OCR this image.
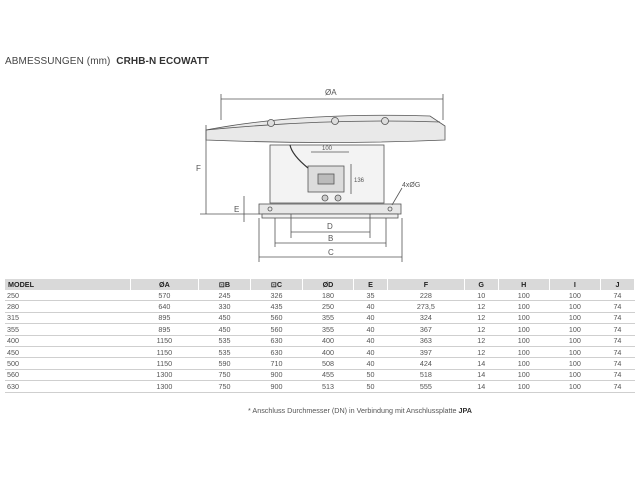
ABMESSUNGEN (mm) CRHB-N ECOWATT
ØA
F
E
D
B
C
100
136
4xØG
MODEL	ØA	⊡B	⊡C	ØD	E	F	G	H	I	J
250	570	245	326	180	35	228	10	100	100	74
280	640	330	435	250	40	273,5	12	100	100	74
315	895	450	560	355	40	324	12	100	100	74
355	895	450	560	355	40	367	12	100	100	74
400	1150	535	630	400	40	363	12	100	100	74
450	1150	535	630	400	40	397	12	100	100	74
500	1150	590	710	508	40	424	14	100	100	74
560	1300	750	900	455	50	518	14	100	100	74
630	1300	750	900	513	50	555	14	100	100	74
* Anschluss Durchmesser (DN) in Verbindung mit Anschlussplatte JPA
